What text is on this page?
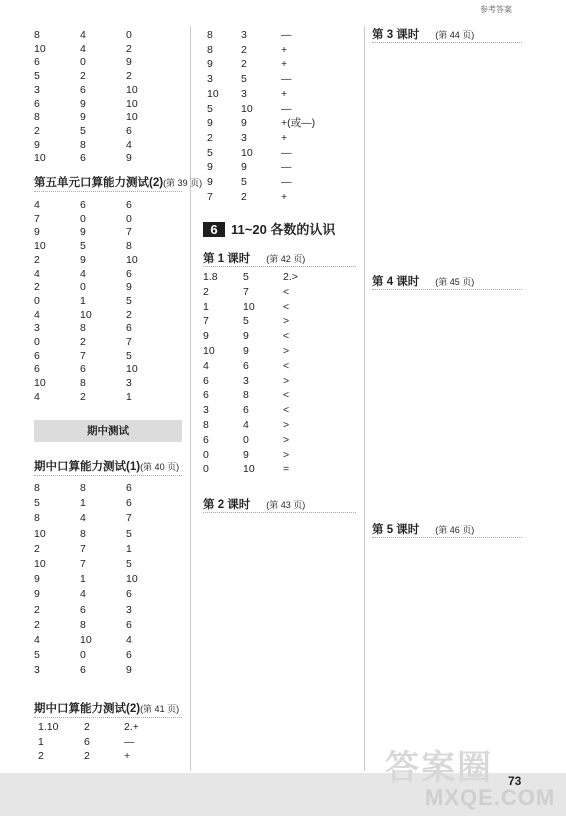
参考答案
8	4	0
10	4	2
6	0	9
5	2	2
3	6	10
6	9	10
8	9	10
2	5	6
9	8	4
10	6	9
第五单元口算能力测试(2)(第 39 页)
4	6	6
7	0	0
9	9	7
10	5	8
2	9	10
4	4	6
2	0	9
0	1	5
4	10	2
3	8	6
0	2	7
6	7	5
6	6	10
10	8	3
4	2	1
期中测试
期中口算能力测试(1)(第 40 页)
8	8	6
5	1	6
8	4	7
10	8	5
2	7	1
10	7	5
9	1	10
9	4	6
2	6	3
2	8	6
4	10	4
5	0	6
3	6	9
期中口算能力测试(2)(第 41 页)
1.10 2	2.+
1	6	—
2	2	+
8	3	—
8	2	+
9	2	+
3	5	—
10 3	+
5	10	—
9	9	+(或—)
2	3	+
5	10	—
9	9	—
9	5	—
7	2	+
6 11~20 各数的认识
第 1 课时 (第 42 页)
1.8 5	2.>
2	7	<
1	10	<
7	5	>
9	9	<
10	9	>
4	6	<
6	3	>
6	8	<
3	6	<
8	4	>
6	0	>
0	9	>
0	10	=
第 2 课时 (第 43 页)
第 3 课时 (第 44 页)
第 4 课时 (第 45 页)
第 5 课时 (第 46 页)
答案圈
MXQE.COM
73
